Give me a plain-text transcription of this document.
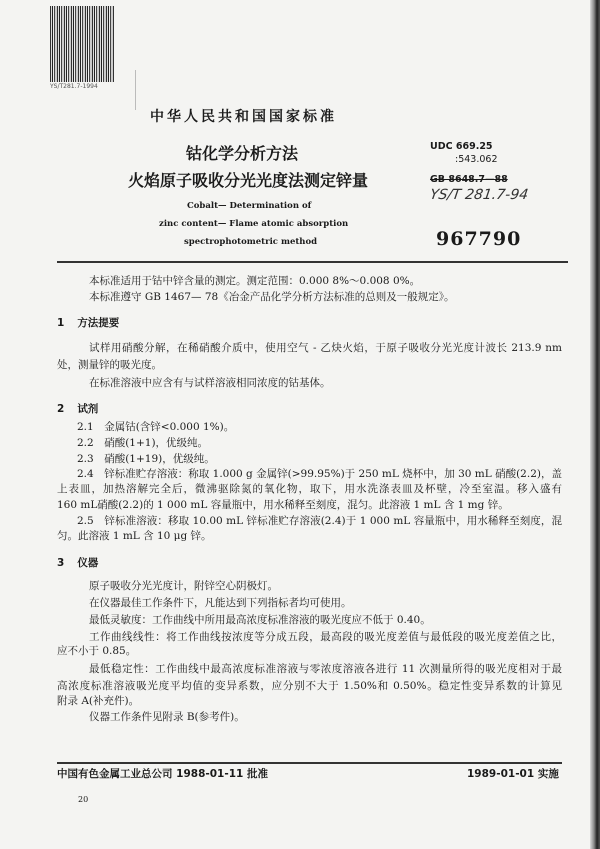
YS/T281.7-1994
中华人民共和国国家标准
钴化学分析方法
火焰原子吸收分光光度法测定锌量
Cobalt— Determination of
zinc content— Flame atomic absorption
spectrophotometric method
UDC 669.25
:543.062
GB 8648.7—88
YS/T 281.7-94
967790
本标准适用于钴中锌含量的测定。测定范围：0.000 8%～0.008 0%。
本标准遵守 GB 1467— 78《冶金产品化学分析方法标准的总则及一般规定》。
1 方法提要
试样用硝酸分解，在稀硝酸介质中，使用空气 - 乙炔火焰，于原子吸收分光光度计波长 213.9 nm
处，测量锌的吸光度。
在标准溶液中应含有与试样溶液相同浓度的钴基体。
2 试剂
2.1　金属钴(含锌<0.000 1%)。
2.2　硝酸(1+1)，优级纯。
2.3　硝酸(1+19)，优级纯。
2.4　锌标准贮存溶液：称取 1.000 g 金属锌(>99.95%)于 250 mL 烧杯中，加 30 mL 硝酸(2.2)，盖
上表皿，加热溶解完全后，微沸驱除氮的氧化物，取下，用水洗涤表皿及杯壁，冷至室温。移入盛有
160 mL硝酸(2.2)的 1 000 mL 容量瓶中，用水稀释至刻度，混匀。此溶液 1 mL 含 1 mg 锌。
2.5　锌标准溶液：移取 10.00 mL 锌标准贮存溶液(2.4)于 1 000 mL 容量瓶中，用水稀释至刻度，混
匀。此溶液 1 mL 含 10 μg 锌。
3 仪器
原子吸收分光光度计，附锌空心阴极灯。
在仪器最佳工作条件下，凡能达到下列指标者均可使用。
最低灵敏度：工作曲线中所用最高浓度标准溶液的吸光度应不低于 0.40。
工作曲线线性：将工作曲线按浓度等分成五段，最高段的吸光度差值与最低段的吸光度差值之比，
应不小于 0.85。
最低稳定性：工作曲线中最高浓度标准溶液与零浓度溶液各进行 11 次测量所得的吸光度相对于最
高浓度标准溶液吸光度平均值的变异系数，应分别不大于 1.50%和 0.50%。稳定性变异系数的计算见
附录 A(补充件)。
仪器工作条件见附录 B(参考件)。
中国有色金属工业总公司 1988-01-11 批准	1989-01-01 实施
20
